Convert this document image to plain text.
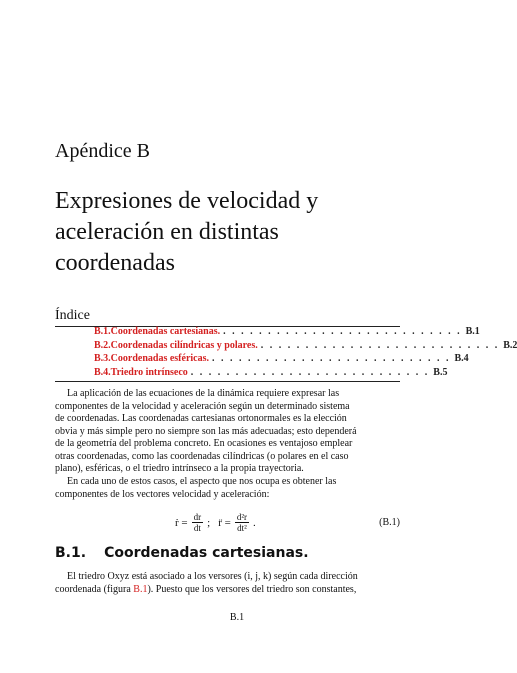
Apéndice B
Expresiones de velocidad y
aceleración en distintas
coordenadas
Índice
B.1. Coordenadas cartesianas. . . . . . . . . . . . . . . . . . . . . . . . . . . . B.1
B.2. Coordenadas cilíndricas y polares. . . . . . . . . . . . . . . . . . . . . . . . . . . . B.2
B.3. Coordenadas esféricas. . . . . . . . . . . . . . . . . . . . . . . . . . . . B.4
B.4. Triedro intrínseco . . . . . . . . . . . . . . . . . . . . . . . . . . . B.5
La aplicación de las ecuaciones de la dinámica requiere expresar las
componentes de la velocidad y aceleración según un determinado sistema
de coordenadas. Las coordenadas cartesianas ortonormales es la elección
obvia y más simple pero no siempre son las más adecuadas; esto dependerá
de la geometría del problema concreto. En ocasiones es ventajoso emplear
otras coordenadas, como las coordenadas cilíndricas (o polares en el caso
plano), esféricas, o el triedro intrínseco a la propia trayectoria.
En cada uno de estos casos, el aspecto que nos ocupa es obtener las
componentes de los vectores velocidad y aceleración:
ṙ = $\frac{dr}{dt}$ ; r̈ = $\frac{\text{d²r}}{\text{dt²}}$ .	(B.1)
B.1. Coordenadas cartesianas.
El triedro Oxyz está asociado a los versores (i, j, k) según cada dirección
coordenada (figura B.1). Puesto que los versores del triedro son constantes,
B.1
